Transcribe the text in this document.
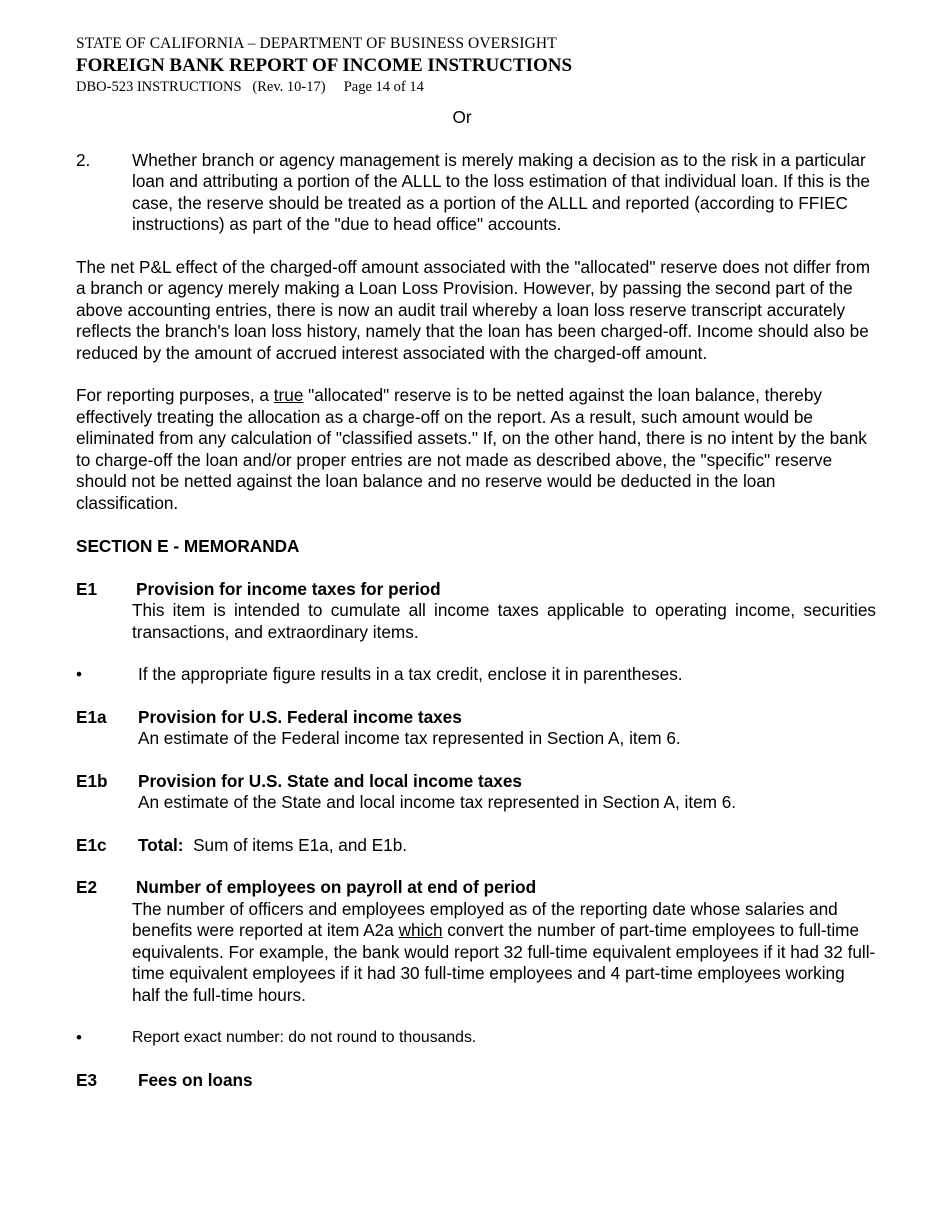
STATE OF CALIFORNIA – DEPARTMENT OF BUSINESS OVERSIGHT
FOREIGN BANK REPORT OF INCOME INSTRUCTIONS
DBO-523 INSTRUCTIONS   (Rev. 10-17)     Page 14 of 14
Or
2.	Whether branch or agency management is merely making a decision as to the risk in a particular loan and attributing a portion of the ALLL to the loss estimation of that individual loan. If this is the case, the reserve should be treated as a portion of the ALLL and reported (according to FFIEC instructions) as part of the "due to head office" accounts.

The net P&L effect of the charged-off amount associated with the "allocated" reserve does not differ from a branch or agency merely making a Loan Loss Provision. However, by passing the second part of the above accounting entries, there is now an audit trail whereby a loan loss reserve transcript accurately reflects the branch's loan loss history, namely that the loan has been charged-off. Income should also be reduced by the amount of accrued interest associated with the charged-off amount.

For reporting purposes, a true "allocated" reserve is to be netted against the loan balance, thereby effectively treating the allocation as a charge-off on the report. As a result, such amount would be eliminated from any calculation of "classified assets." If, on the other hand, there is no intent by the bank to charge-off the loan and/or proper entries are not made as described above, the "specific" reserve should not be netted against the loan balance and no reserve would be deducted in the loan classification.

SECTION E - MEMORANDA
E1	Provision for income taxes for period
This item is intended to cumulate all income taxes applicable to operating income, securities transactions, and extraordinary items.
•	If the appropriate figure results in a tax credit, enclose it in parentheses.
E1a	Provision for U.S. Federal income taxes
An estimate of the Federal income tax represented in Section A, item 6.
E1b	Provision for U.S. State and local income taxes
An estimate of the State and local income tax represented in Section A, item 6.
E1c	Total:  Sum of items E1a, and E1b.
E2	Number of employees on payroll at end of period
The number of officers and employees employed as of the reporting date whose salaries and benefits were reported at item A2a which convert the number of part-time employees to full-time equivalents. For example, the bank would report 32 full-time equivalent employees if it had 32 full- time equivalent employees if it had 30 full-time employees and 4 part-time employees working half the full-time hours.
•	Report exact number: do not round to thousands.
E3	Fees on loans
